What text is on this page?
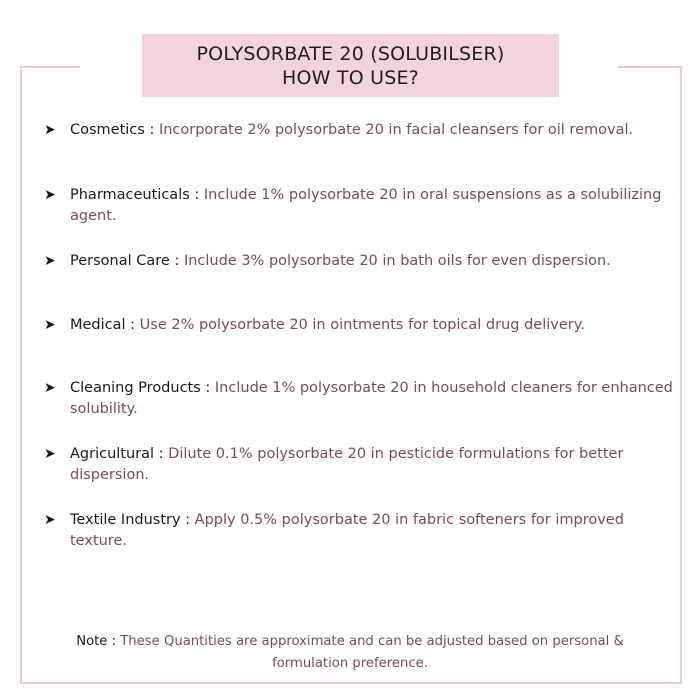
POLYSORBATE 20 (SOLUBILSER)
HOW TO USE?
➤ Cosmetics : Incorporate 2% polysorbate 20 in facial cleansers for oil removal.
➤ Pharmaceuticals : Include 1% polysorbate 20 in oral suspensions as a solubilizing agent.
➤ Personal Care : Include 3% polysorbate 20 in bath oils for even dispersion.
➤ Medical : Use 2% polysorbate 20 in ointments for topical drug delivery.
➤ Cleaning Products : Include 1% polysorbate 20 in household cleaners for enhanced solubility.
➤ Agricultural : Dilute 0.1% polysorbate 20 in pesticide formulations for better dispersion.
➤ Textile Industry : Apply 0.5% polysorbate 20 in fabric softeners for improved texture.
Note : These Quantities are approximate and can be adjusted based on personal & formulation preference.
